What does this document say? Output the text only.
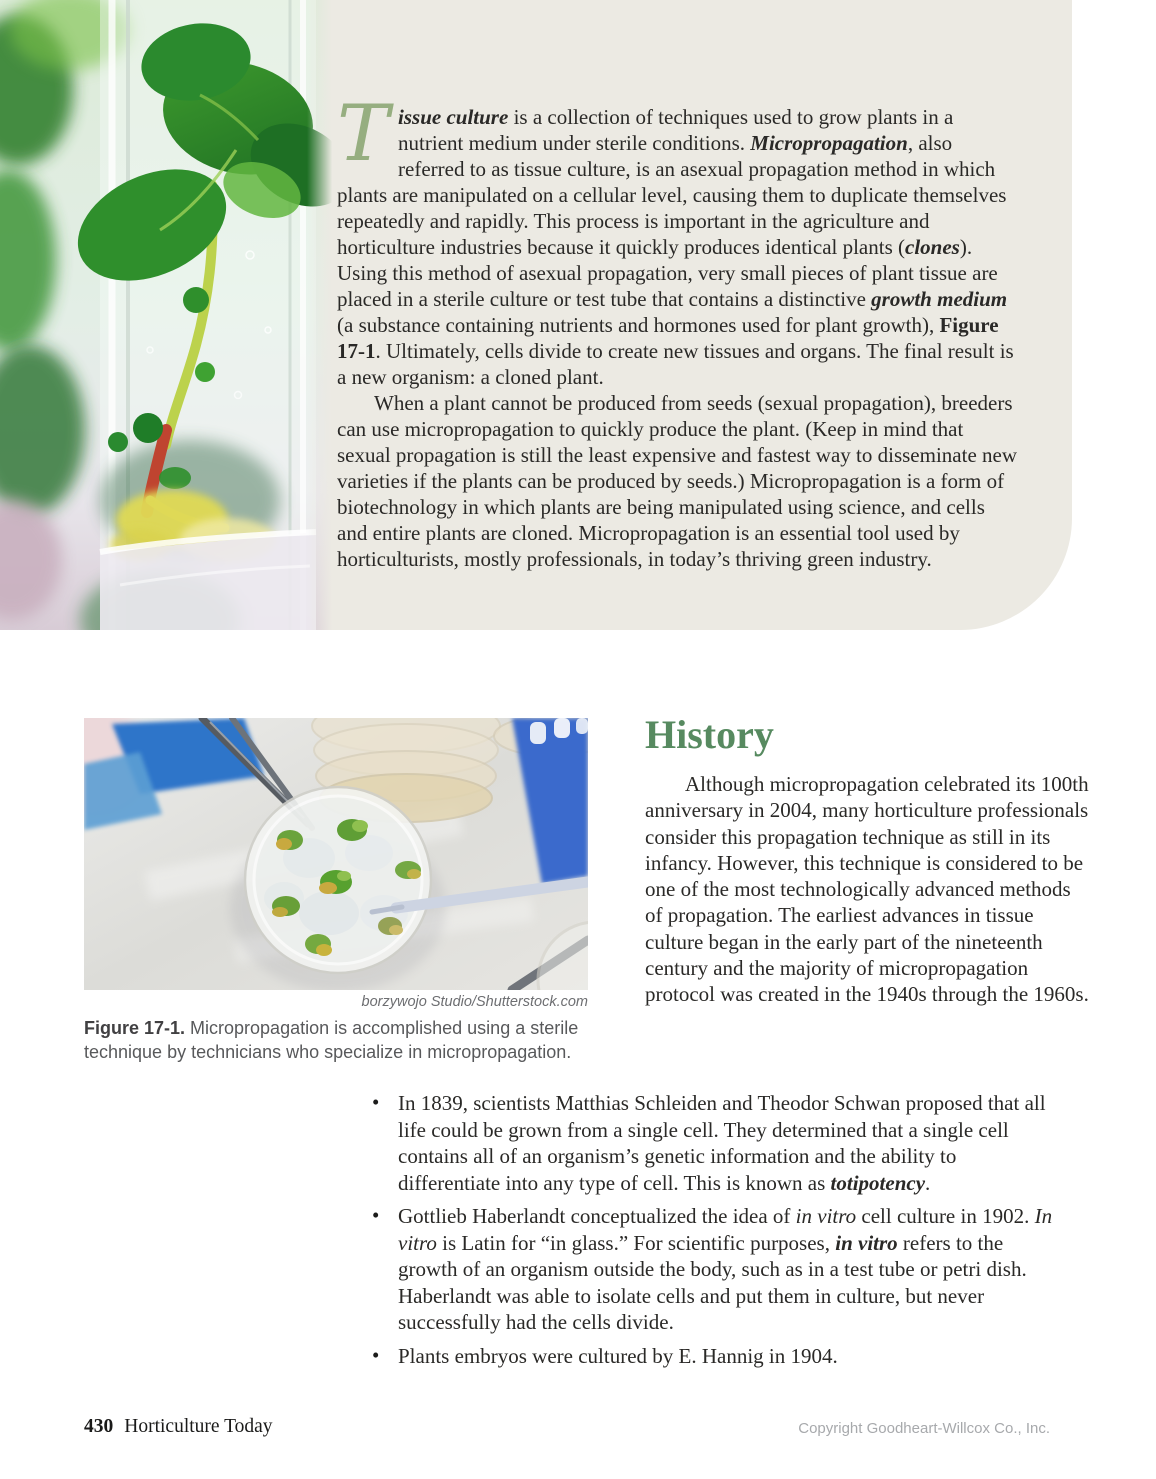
Tissue culture is a collection of techniques used to grow plants in a nutrient medium under sterile conditions. Micropropagation, also referred to as tissue culture, is an asexual propagation method in which plants are manipulated on a cellular level, causing them to duplicate themselves repeatedly and rapidly. This process is important in the agriculture and horticulture industries because it quickly produces identical plants (clones). Using this method of asexual propagation, very small pieces of plant tissue are placed in a sterile culture or test tube that contains a distinctive growth medium (a substance containing nutrients and hormones used for plant growth), Figure 17-1. Ultimately, cells divide to create new tissues and organs. The final result is a new organism: a cloned plant.

When a plant cannot be produced from seeds (sexual propagation), breeders can use micropropagation to quickly produce the plant. (Keep in mind that sexual propagation is still the least expensive and fastest way to disseminate new varieties if the plants can be produced by seeds.) Micropropagation is a form of biotechnology in which plants are being manipulated using science, and cells and entire plants are cloned. Micropropagation is an essential tool used by horticulturists, mostly professionals, in today’s thriving green industry.

borzywojo Studio/Shutterstock.com
Figure 17-1. Micropropagation is accomplished using a sterile technique by technicians who specialize in micropropagation.
History

Although micropropagation celebrated its 100th anniversary in 2004, many horticulture professionals consider this propagation technique as still in its infancy. However, this technique is considered to be one of the most technologically advanced methods of propagation. The earliest advances in tissue culture began in the early part of the nineteenth century and the majority of micropropagation protocol was created in the 1940s through the 1960s.

• In 1839, scientists Matthias Schleiden and Theodor Schwan proposed that all life could be grown from a single cell. They determined that a single cell contains all of an organism’s genetic information and the ability to differentiate into any type of cell. This is known as totipotency.
• Gottlieb Haberlandt conceptualized the idea of in vitro cell culture in 1902. In vitro is Latin for “in glass.” For scientific purposes, in vitro refers to the growth of an organism outside the body, such as in a test tube or petri dish. Haberlandt was able to isolate cells and put them in culture, but never successfully had the cells divide.
• Plants embryos were cultured by E. Hannig in 1904.
430 Horticulture Today	Copyright Goodheart-Willcox Co., Inc.
